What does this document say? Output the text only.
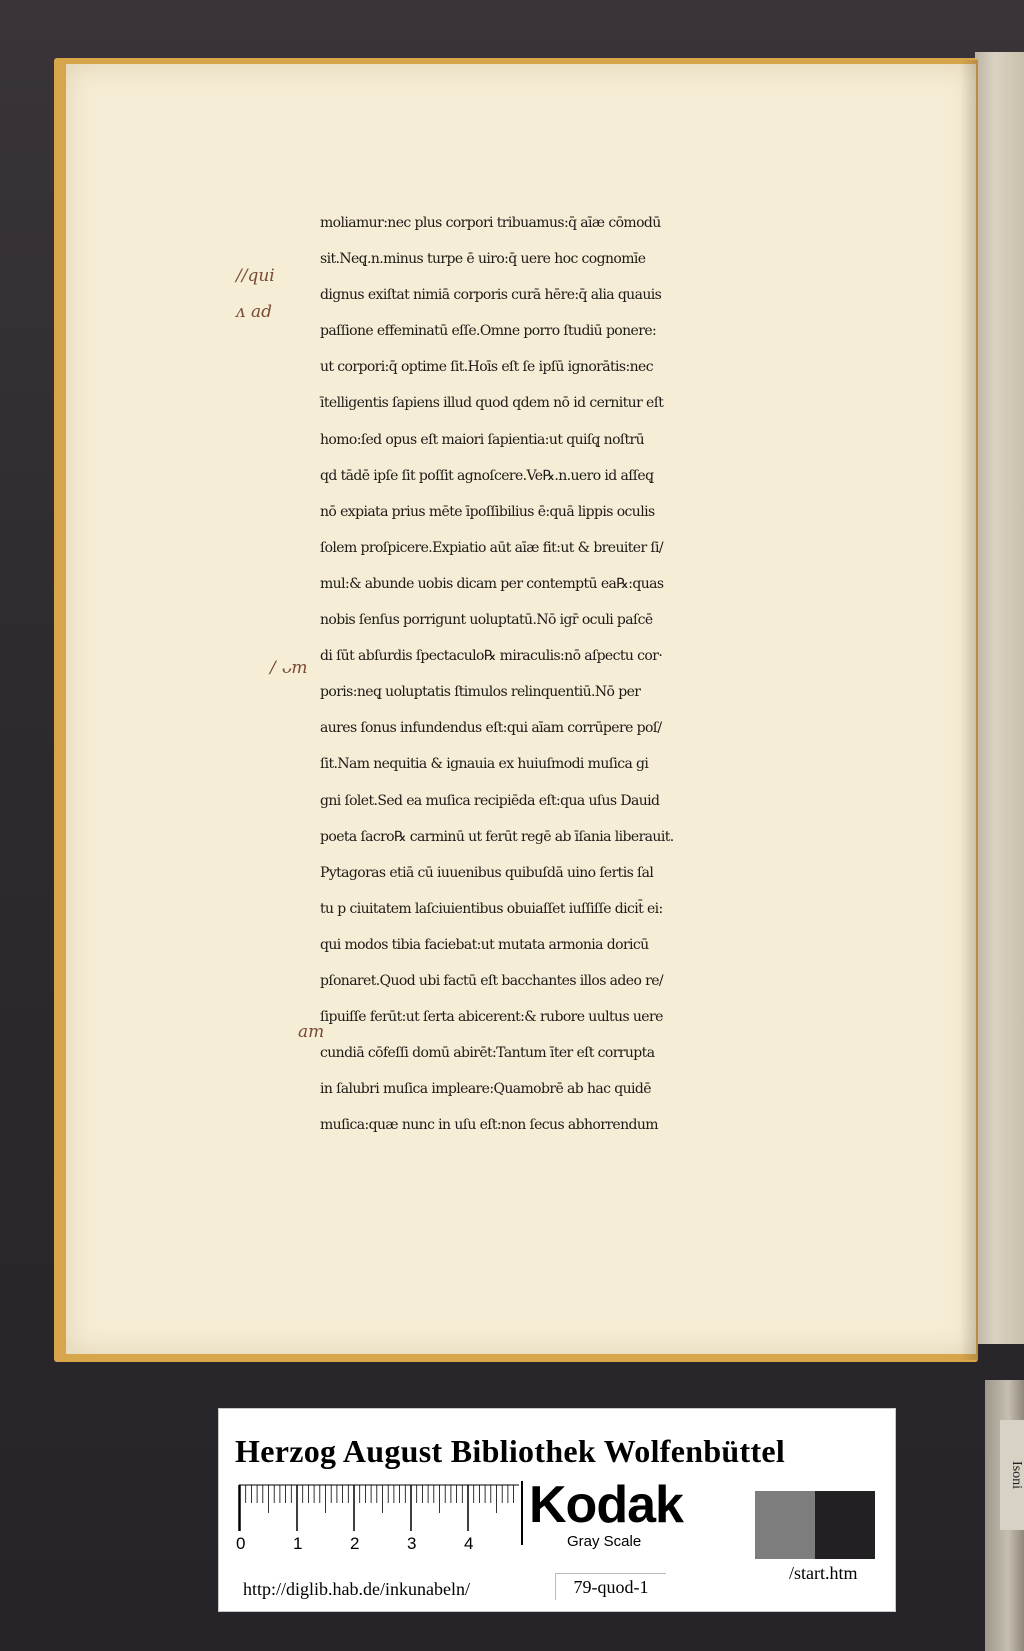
moliamur:nec plus corpori tribuamus:q̄ aīæ cōmodū
sit.Neq̨.n.minus turpe ē uiro:q̄ uere hoc cognomīe
dignus exiſtat nimiā corporis curā hēre:q̄ alia quauis
paſſione effeminatū eſſe.Omne porro ſtudiū ponere:
ut corpori:q̄ optime ſit.Hoīs eſt ſe ipſū ignorātis:nec
ītelligentis ſapiens illud quod qdem nō id cernitur eſt
homo:ſed opus eſt maiori ſapientia:ut quiſq̨ noſtrū
qd tādē ipſe ſit poſſit agnoſcere.Ve℞.n.uero id aſſeq̨
nō expiata prius mēte īpoſſibilius ē:quā lippis oculis
ſolem proſpicere.Expiatio aūt aīæ fit:ut & breuiter ſi/
mul:& abunde uobis dicam per contemptū ea℞:quas
nobis ſenſus porrigunt uoluptatū.Nō igr̄ oculi paſcē
di ſūt abſurdis ſpectaculo℞ miraculis:nō aſpectu cor·
poris:neq̨ uoluptatis ſtimulos relinquentiū.Nō per
aures ſonus infundendus eſt:qui aīam corrūpere poſ/
ſit.Nam nequitia & ignauia ex huiuſmodi muſica gi
gni ſolet.Sed ea muſica recipiēda eſt:qua uſus Dauid
poeta ſacro℞ carminū ut ferūt regē ab īſania liberauit.
Pytagoras etiā cū iuuenibus quibuſdā uino ſertis ſal
tu p ciuitatem laſciuientibus obuiaſſet iuſſiſſe dicit̄ ei:
qui modos tibia faciebat:ut mutata armonia doricū
pſonaret.Quod ubi factū eſt bacchantes illos adeo re/
ſipuiſſe ferūt:ut ſerta abicerent:& rubore uultus uere
cundiā cōfeſſi domū abirēt:Tantum īter eſt corrupta
in ſalubri muſica impleare:Quamobrē ab hac quidē
muſica:quæ nunc in uſu eſt:non ſecus abhorrendum
//qui
ᴧ ad
/ ᴗm
am
Herzog August Bibliothek Wolfenbüttel
0	1	2	3	4
Kodak
Gray Scale
http://diglib.hab.de/inkunabeln/	79-quod-1
/start.htm
Isoni
